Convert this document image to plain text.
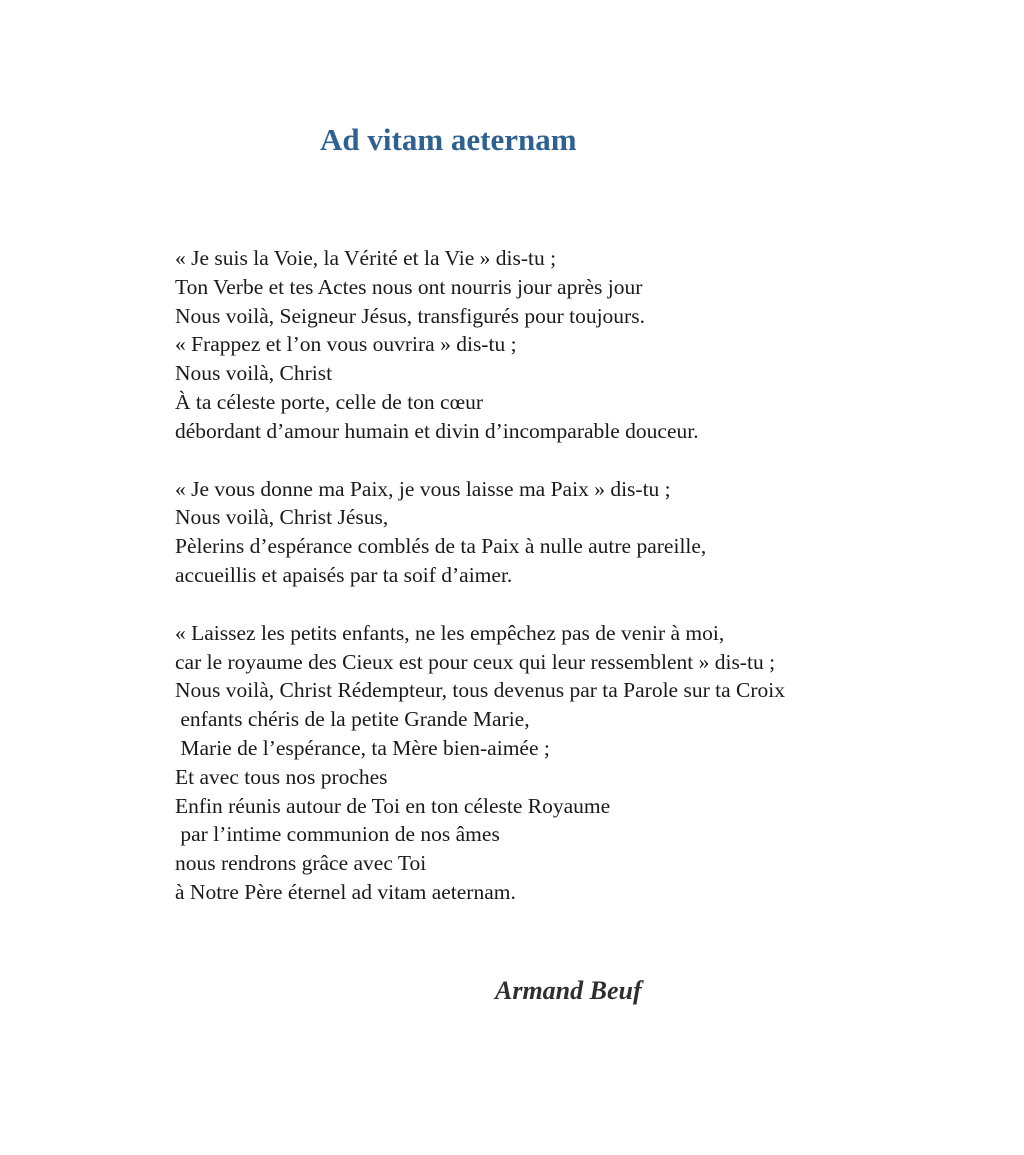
Ad vitam aeternam
« Je suis la Voie, la Vérité et la Vie » dis-tu ;
Ton Verbe et tes Actes nous ont nourris jour après jour
Nous voilà, Seigneur Jésus, transfigurés pour toujours.
« Frappez et l’on vous ouvrira » dis-tu ;
Nous voilà, Christ
À ta céleste porte, celle de ton cœur
débordant d’amour humain et divin d’incomparable douceur.
« Je vous donne ma Paix, je vous laisse ma Paix » dis-tu ;
Nous voilà, Christ Jésus,
Pèlerins d’espérance comblés de ta Paix à nulle autre pareille,
accueillis et apaisés par ta soif d’aimer.
« Laissez les petits enfants, ne les empêchez pas de venir à moi,
car le royaume des Cieux est pour ceux qui leur ressemblent » dis-tu ;
Nous voilà, Christ Rédempteur, tous devenus par ta Parole sur ta Croix
enfants chéris de la petite Grande Marie,
Marie de l’espérance, ta Mère bien-aimée ;
Et avec tous nos proches
Enfin réunis autour de Toi en ton céleste Royaume
par l’intime communion de nos âmes
nous rendrons grâce avec Toi
à Notre Père éternel ad vitam aeternam.

Armand Beuf
